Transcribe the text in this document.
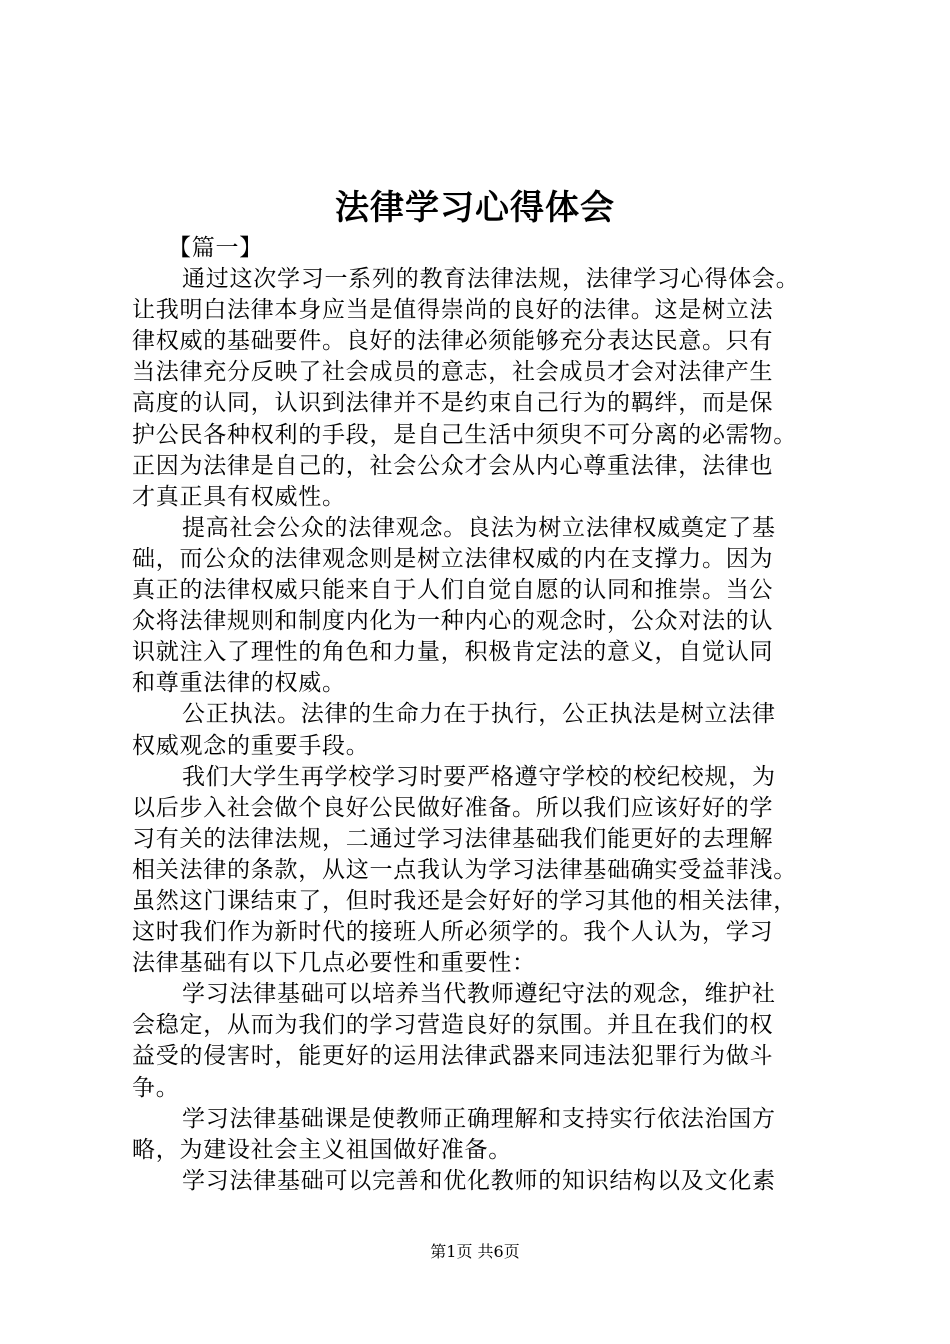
法律学习心得体会
【篇一】
通过这次学习一系列的教育法律法规，法律学习心得体会。
让我明白法律本身应当是值得崇尚的良好的法律。这是树立法
律权威的基础要件。良好的法律必须能够充分表达民意。只有
当法律充分反映了社会成员的意志，社会成员才会对法律产生
高度的认同，认识到法律并不是约束自己行为的羁绊，而是保
护公民各种权利的手段，是自己生活中须臾不可分离的必需物。
正因为法律是自己的，社会公众才会从内心尊重法律，法律也
才真正具有权威性。
提高社会公众的法律观念。良法为树立法律权威奠定了基
础，而公众的法律观念则是树立法律权威的内在支撑力。因为
真正的法律权威只能来自于人们自觉自愿的认同和推崇。当公
众将法律规则和制度内化为一种内心的观念时，公众对法的认
识就注入了理性的角色和力量，积极肯定法的意义，自觉认同
和尊重法律的权威。
公正执法。法律的生命力在于执行，公正执法是树立法律
权威观念的重要手段。
我们大学生再学校学习时要严格遵守学校的校纪校规，为
以后步入社会做个良好公民做好准备。所以我们应该好好的学
习有关的法律法规，二通过学习法律基础我们能更好的去理解
相关法律的条款，从这一点我认为学习法律基础确实受益菲浅。
虽然这门课结束了，但时我还是会好好的学习其他的相关法律，
这时我们作为新时代的接班人所必须学的。我个人认为，学习
法律基础有以下几点必要性和重要性：
学习法律基础可以培养当代教师遵纪守法的观念，维护社
会稳定，从而为我们的学习营造良好的氛围。并且在我们的权
益受的侵害时，能更好的运用法律武器来同违法犯罪行为做斗
争。
学习法律基础课是使教师正确理解和支持实行依法治国方
略，为建设社会主义祖国做好准备。
学习法律基础可以完善和优化教师的知识结构以及文化素
第1页 共6页
